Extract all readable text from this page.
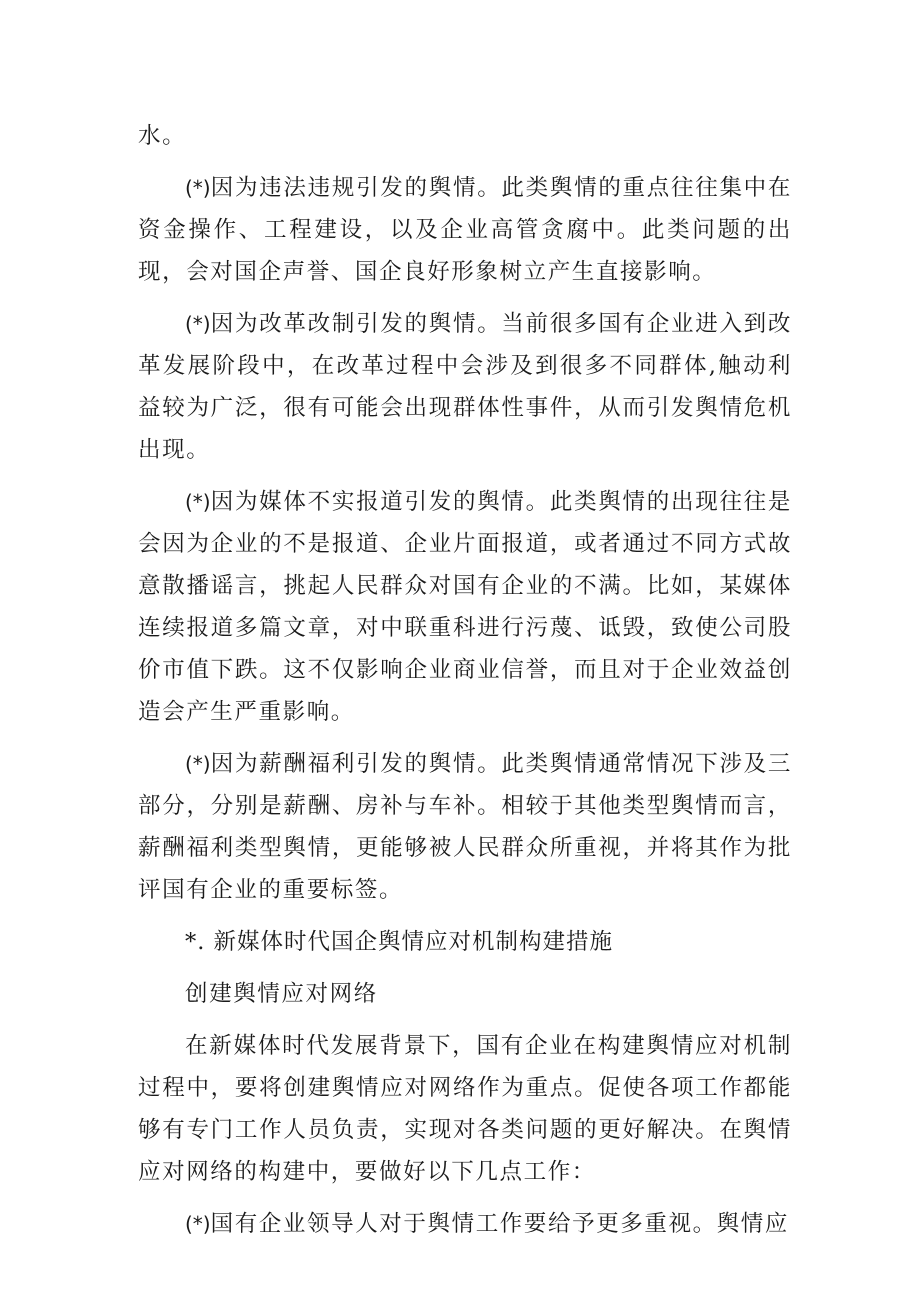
水。

(*)因为违法违规引发的舆情。此类舆情的重点往往集中在资金操作、工程建设，以及企业高管贪腐中。此类问题的出现，会对国企声誉、国企良好形象树立产生直接影响。

(*)因为改革改制引发的舆情。当前很多国有企业进入到改革发展阶段中，在改革过程中会涉及到很多不同群体,触动利益较为广泛，很有可能会出现群体性事件，从而引发舆情危机出现。

(*)因为媒体不实报道引发的舆情。此类舆情的出现往往是会因为企业的不是报道、企业片面报道，或者通过不同方式故意散播谣言，挑起人民群众对国有企业的不满。比如，某媒体连续报道多篇文章，对中联重科进行污蔑、诋毁，致使公司股价市值下跌。这不仅影响企业商业信誉，而且对于企业效益创造会产生严重影响。

(*)因为薪酬福利引发的舆情。此类舆情通常情况下涉及三部分，分别是薪酬、房补与车补。相较于其他类型舆情而言，薪酬福利类型舆情，更能够被人民群众所重视，并将其作为批评国有企业的重要标签。

*. 新媒体时代国企舆情应对机制构建措施

创建舆情应对网络

在新媒体时代发展背景下，国有企业在构建舆情应对机制过程中，要将创建舆情应对网络作为重点。促使各项工作都能够有专门工作人员负责，实现对各类问题的更好解决。在舆情应对网络的构建中，要做好以下几点工作：

(*)国有企业领导人对于舆情工作要给予更多重视。舆情应
